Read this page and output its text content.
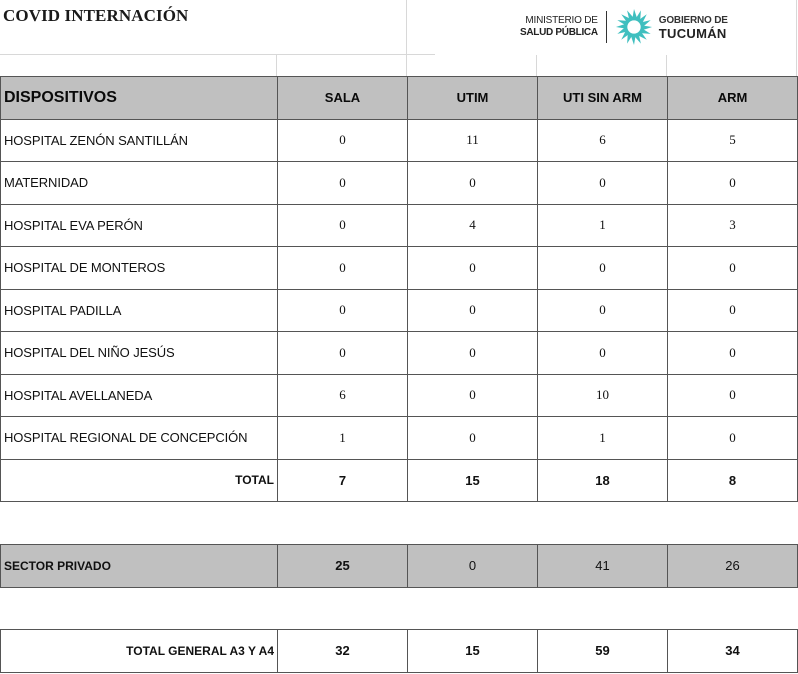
COVID INTERNACIÓN	MINISTERIO DE
SALUD PÚBLICA
GOBIERNO DE
TUCUMÁN
DISPOSITIVOS	SALA	UTIM	UTI SIN ARM	ARM
HOSPITAL ZENÓN SANTILLÁN	0	11	6	5
MATERNIDAD	0	0	0	0
HOSPITAL EVA PERÓN	0	4	1	3
HOSPITAL DE MONTEROS	0	0	0	0
HOSPITAL PADILLA	0	0	0	0
HOSPITAL DEL NIÑO JESÚS	0	0	0	0
HOSPITAL AVELLANEDA	6	0	10	0
HOSPITAL REGIONAL DE CONCEPCIÓN	1	0	1	0
TOTAL	7	15	18	8
SECTOR PRIVADO	25	0	41	26
TOTAL GENERAL A3 Y A4	32	15	59	34
